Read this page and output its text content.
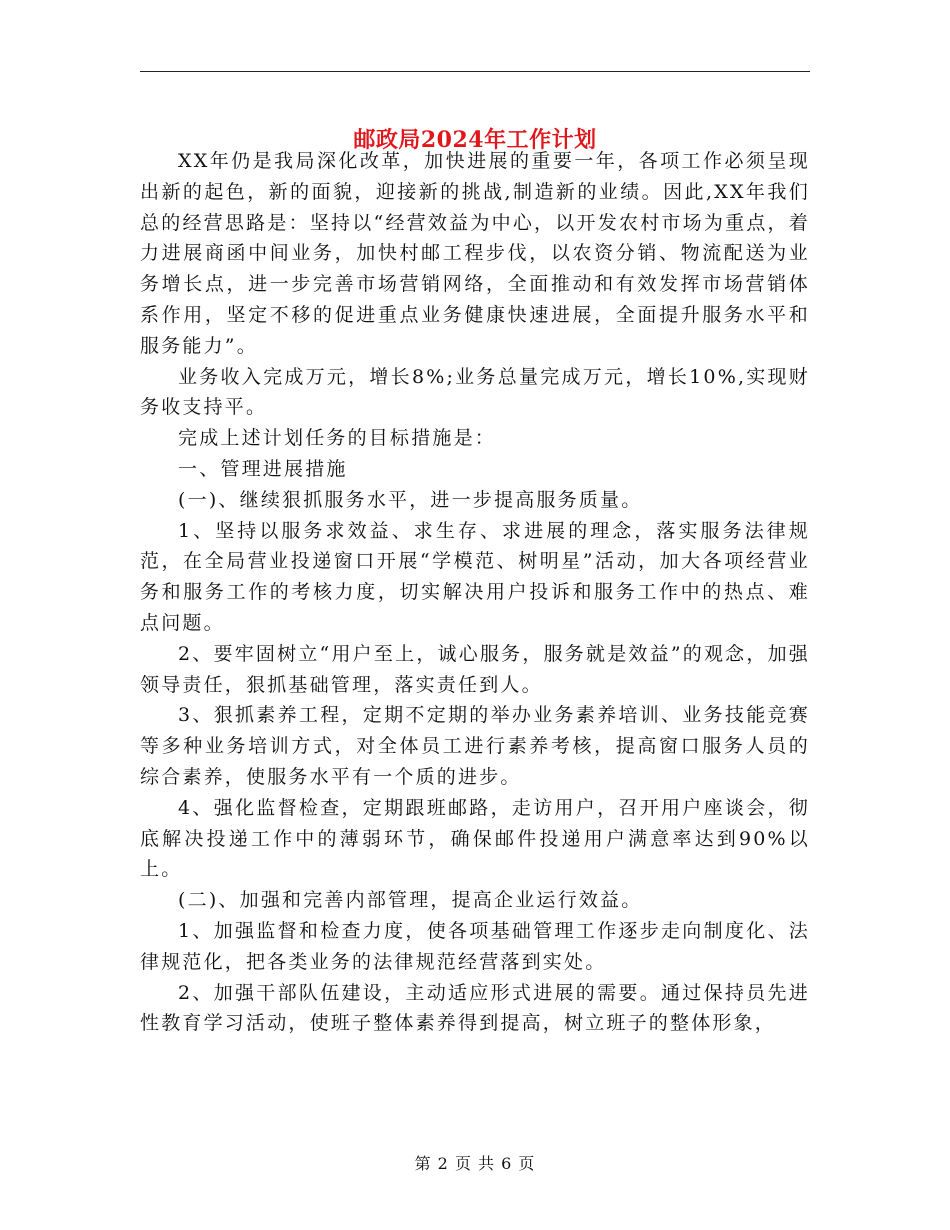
邮政局2024年工作计划

XX年仍是我局深化改革，加快进展的重要一年，各项工作必须呈现出新的起色，新的面貌，迎接新的挑战,制造新的业绩。因此,XX年我们总的经营思路是：坚持以“经营效益为中心，以开发农村市场为重点，着力进展商函中间业务，加快村邮工程步伐，以农资分销、物流配送为业务增长点，进一步完善市场营销网络，全面推动和有效发挥市场营销体系作用，坚定不移的促进重点业务健康快速进展，全面提升服务水平和服务能力”。

业务收入完成万元，增长8%;业务总量完成万元，增长10%,实现财务收支持平。

完成上述计划任务的目标措施是：

一、管理进展措施

(一)、继续狠抓服务水平，进一步提高服务质量。

1、坚持以服务求效益、求生存、求进展的理念，落实服务法律规范，在全局营业投递窗口开展“学模范、树明星”活动，加大各项经营业务和服务工作的考核力度，切实解决用户投诉和服务工作中的热点、难点问题。

2、要牢固树立“用户至上，诚心服务，服务就是效益”的观念，加强领导责任，狠抓基础管理，落实责任到人。

3、狠抓素养工程，定期不定期的举办业务素养培训、业务技能竞赛等多种业务培训方式，对全体员工进行素养考核，提高窗口服务人员的综合素养，使服务水平有一个质的进步。

4、强化监督检查，定期跟班邮路，走访用户，召开用户座谈会，彻底解决投递工作中的薄弱环节，确保邮件投递用户满意率达到90%以上。

(二)、加强和完善内部管理，提高企业运行效益。

1、加强监督和检查力度，使各项基础管理工作逐步走向制度化、法律规范化，把各类业务的法律规范经营落到实处。

2、加强干部队伍建设，主动适应形式进展的需要。通过保持员先进性教育学习活动，使班子整体素养得到提高，树立班子的整体形象，

第 2 页 共 6 页
